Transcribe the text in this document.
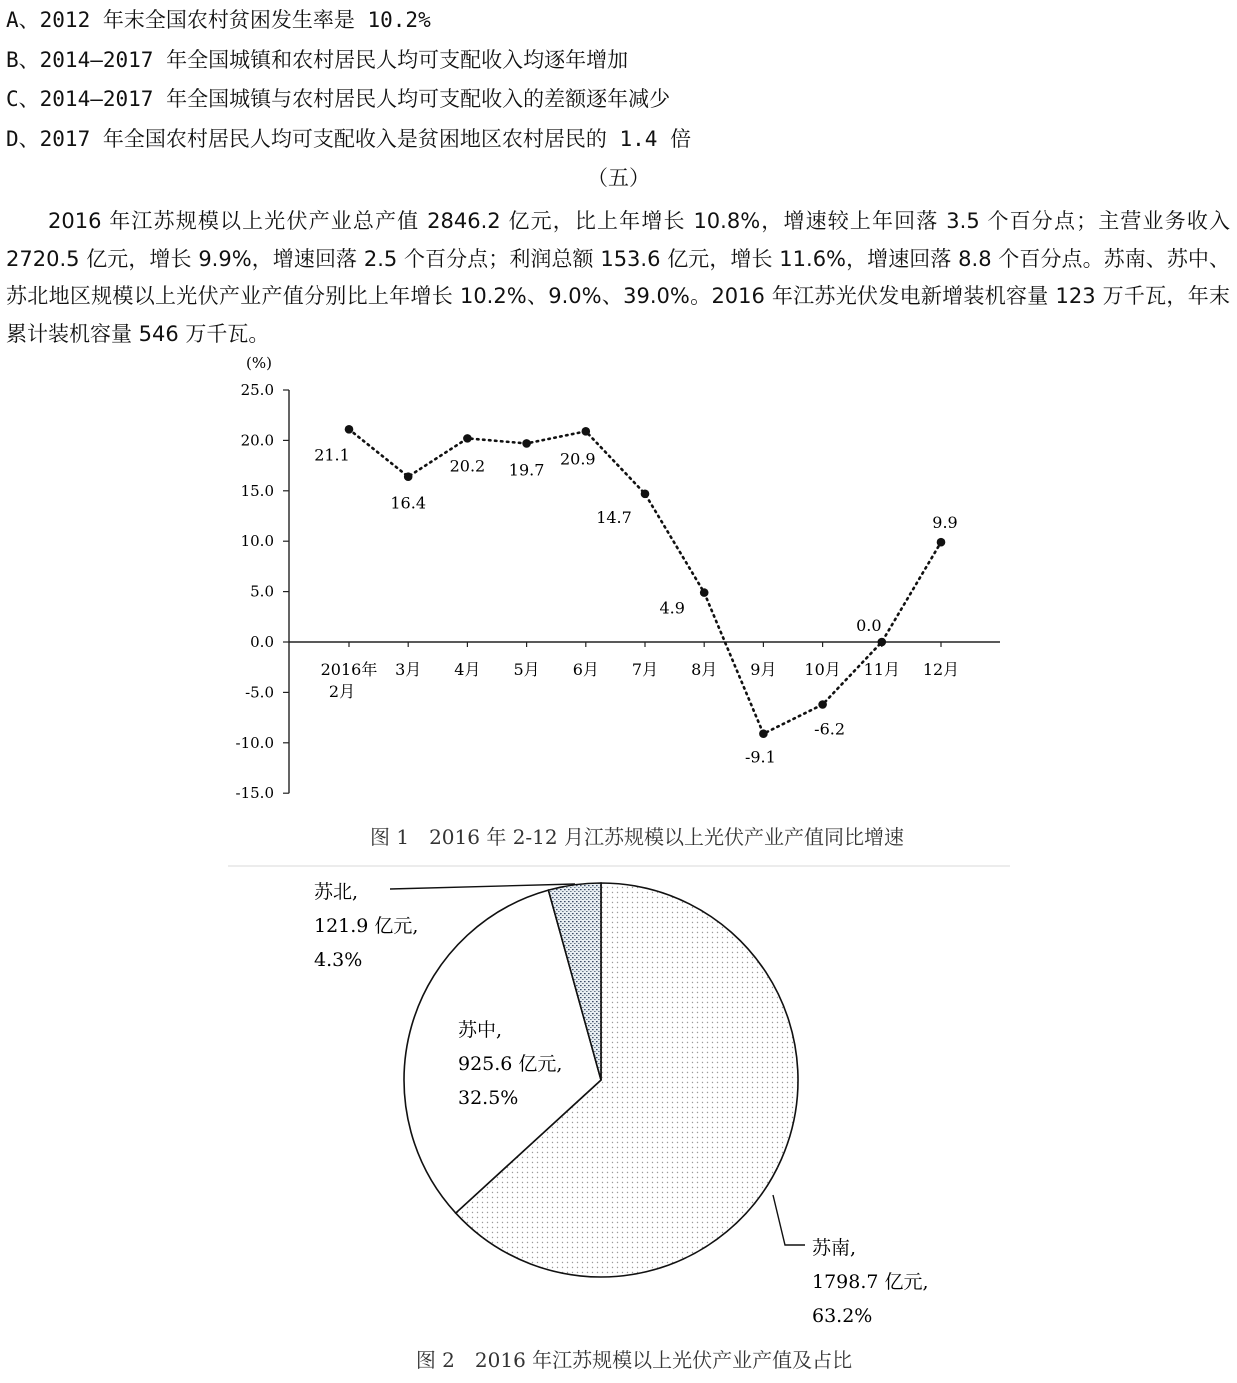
A、2012 年末全国农村贫困发生率是 10.2%
B、2014—2017 年全国城镇和农村居民人均可支配收入均逐年增加
C、2014—2017 年全国城镇与农村居民人均可支配收入的差额逐年减少
D、2017 年全国农村居民人均可支配收入是贫困地区农村居民的 1.4 倍
（五）
2016 年江苏规模以上光伏产业总产值 2846.2 亿元，比上年增长 10.8%，增速较上年回落 3.5 个百分点；主营业务收入 2720.5 亿元，增长 9.9%，增速回落 2.5 个百分点；利润总额 153.6 亿元，增长 11.6%，增速回落 8.8 个百分点。苏南、苏中、苏北地区规模以上光伏产业产值分别比上年增长 10.2%、9.0%、39.0%。2016 年江苏光伏发电新增装机容量 123 万千瓦，年末累计装机容量 546 万千瓦。
25.0
20.0
15.0
10.0
5.0
0.0
-5.0
-10.0
-15.0
2016年 2月
3月 4月 5月 6月 7月 8月 9月 10月 11月 12月
21.1
16.4
20.2 19.7
20.9
14.7
4.9
-9.1
-6.2
0.0
9.9
(%)
图 1　2016 年 2-12 月江苏规模以上光伏产业产值同比增速
苏南,
1798.7 亿元,
63.2%
苏中,
925.6 亿元,
32.5%
苏北,
121.9 亿元,
4.3%
图 2　2016 年江苏规模以上光伏产业产值及占比
